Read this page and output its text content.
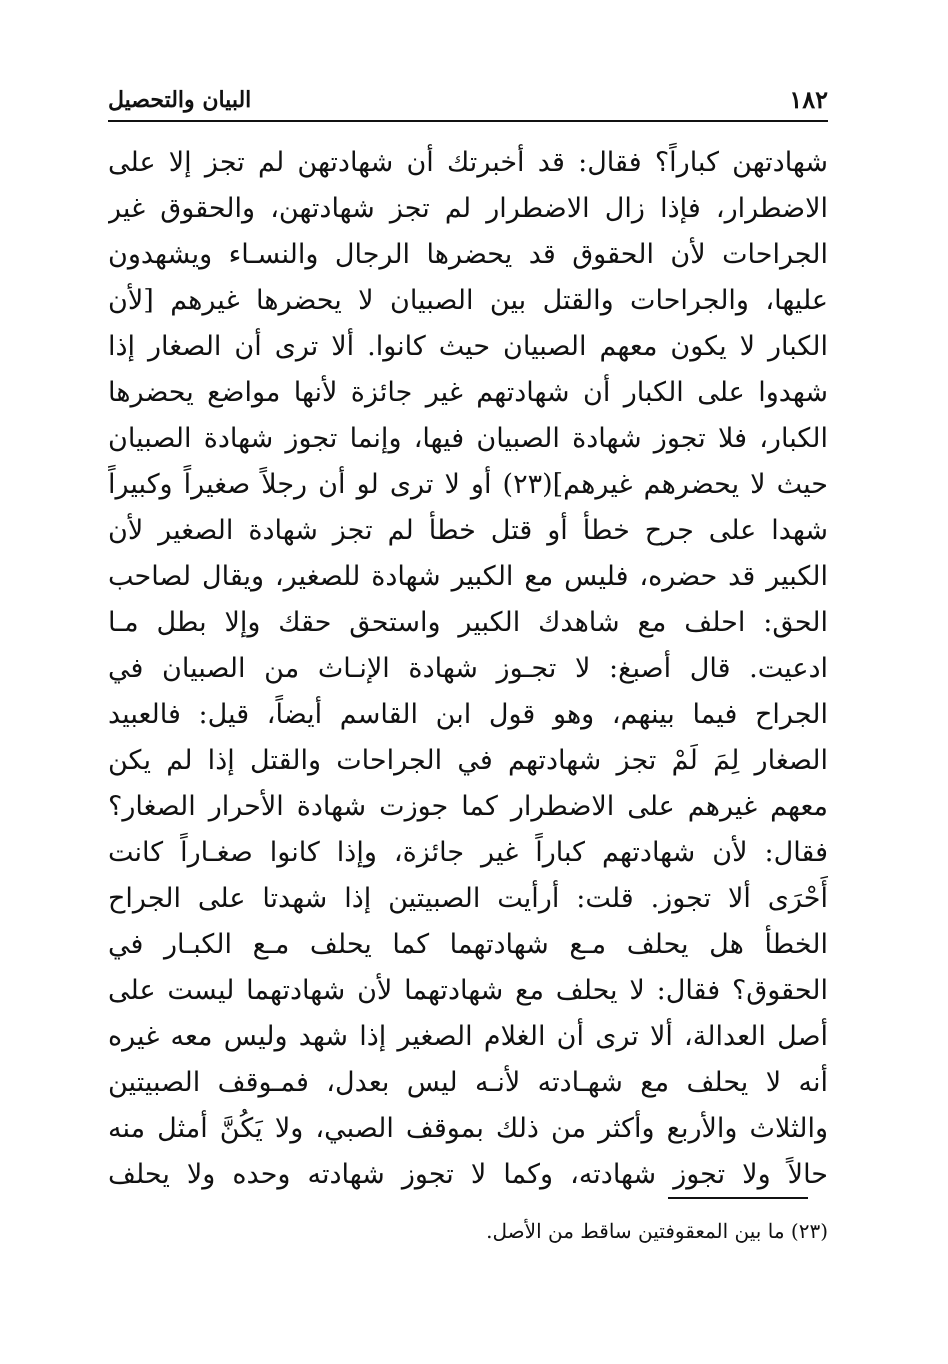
١٨٢
البيان والتحصيل
شهادتهن كباراً؟ فقال: قد أخبرتك أن شهادتهن لم تجز إلا على
الاضطرار، فإذا زال الاضطرار لم تجز شهادتهن، والحقوق غير
الجراحات لأن الحقوق قد يحضرها الرجال والنسـاء ويشهدون
عليها، والجراحات والقتل بين الصبيان لا يحضرها غيرهم [لأن
الكبار لا يكون معهم الصبيان حيث كانوا. ألا ترى أن الصغار إذا
شهدوا على الكبار أن شهادتهم غير جائزة لأنها مواضع يحضرها
الكبار، فلا تجوز شهادة الصبيان فيها، وإنما تجوز شهادة الصبيان
حيث لا يحضرهم غيرهم](٢٣) أو لا ترى لو أن رجلاً صغيراً وكبيراً
شهدا على جرح خطأ أو قتل خطأ لم تجز شهادة الصغير لأن
الكبير قد حضره، فليس مع الكبير شهادة للصغير، ويقال لصاحب
الحق: احلف مع شاهدك الكبير واستحق حقك وإلا بطل مـا
ادعيت. قال أصبغ: لا تجـوز شهادة الإنـاث من الصبيان في
الجراح فيما بينهم، وهو قول ابن القاسم أيضاً، قيل: فالعبيد
الصغار لِمَ لَمْ تجز شهادتهم في الجراحات والقتل إذا لم يكن
معهم غيرهم على الاضطرار كما جوزت شهادة الأحرار الصغار؟
فقال: لأن شهادتهم كباراً غير جائزة، وإذا كانوا صغـاراً كانت
أَحْرَى ألا تجوز. قلت: أرأيت الصبيتين إذا شهدتا على الجراح
الخطأ هل يحلف مـع شهادتهما كما يحلف مـع الكبـار في
الحقوق؟ فقال: لا يحلف مع شهادتهما لأن شهادتهما ليست على
أصل العدالة، ألا ترى أن الغلام الصغير إذا شهد وليس معه غيره
أنه لا يحلف مع شهـادته لأنـه ليس بعدل، فمـوقف الصبيتين
والثلاث والأربع وأكثر من ذلك بموقف الصبي، ولا يَكُنَّ أمثل منه
حالاً ولا تجوز شهادته، وكما لا تجوز شهادته وحده ولا يحلف
(٢٣) ما بين المعقوفتين ساقط من الأصل.
